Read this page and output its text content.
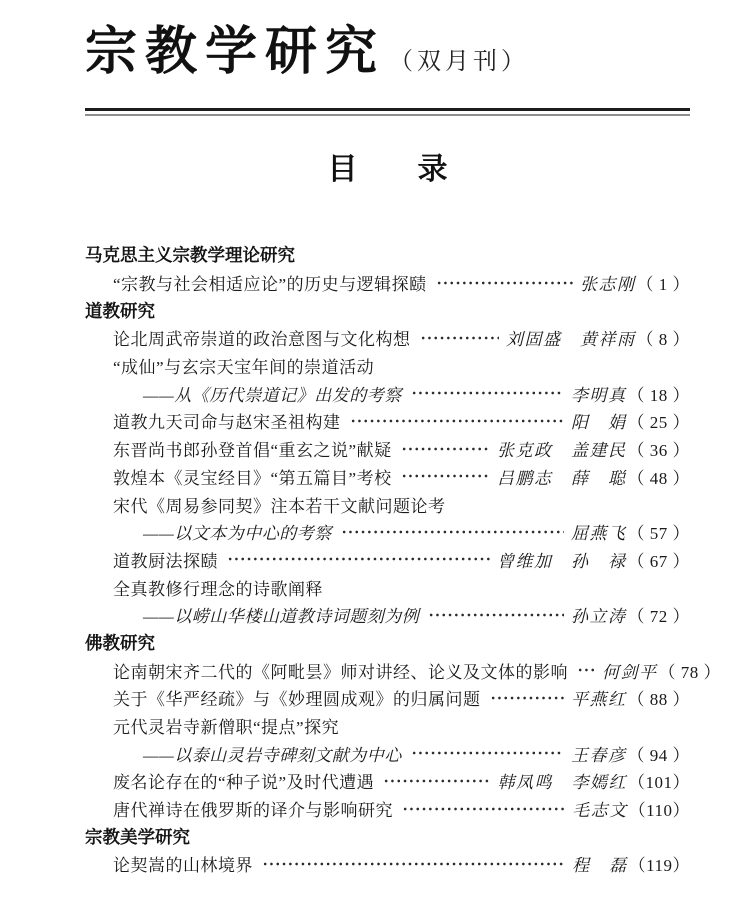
宗教学研究 （双月刊）
目　　录
马克思主义宗教学理论研究
“宗教与社会相适应论”的历史与逻辑探赜	张志刚 （ 1 ）
道教研究
论北周武帝崇道的政治意图与文化构想	刘固盛　黄祥雨 （ 8 ）
“成仙”与玄宗天宝年间的崇道活动
——从《历代崇道记》出发的考察	李明真 （ 18 ）
道教九天司命与赵宋圣祖构建	阳　娟 （ 25 ）
东晋尚书郎孙登首倡“重玄之说”献疑	张克政　盖建民 （ 36 ）
敦煌本《灵宝经目》“第五篇目”考校	吕鹏志　薛　聪 （ 48 ）
宋代《周易参同契》注本若干文献问题论考
——以文本为中心的考察	屈燕飞 （ 57 ）
道教厨法探赜	曾维加　孙　禄 （ 67 ）
全真教修行理念的诗歌阐释
——以崂山华楼山道教诗词题刻为例	孙立涛 （ 72 ）
佛教研究
论南朝宋齐二代的《阿毗昙》师对讲经、论义及文体的影响 何剑平 （ 78 ）
关于《华严经疏》与《妙理圆成观》的归属问题	平燕红 （ 88 ）
元代灵岩寺新僧职“提点”探究
——以泰山灵岩寺碑刻文献为中心	王春彦 （ 94 ）
废名论存在的“种子说”及时代遭遇	韩凤鸣　李嫣红 （101）
唐代禅诗在俄罗斯的译介与影响研究	毛志文 （110）
宗教美学研究
论契嵩的山林境界	程　磊 （119）
